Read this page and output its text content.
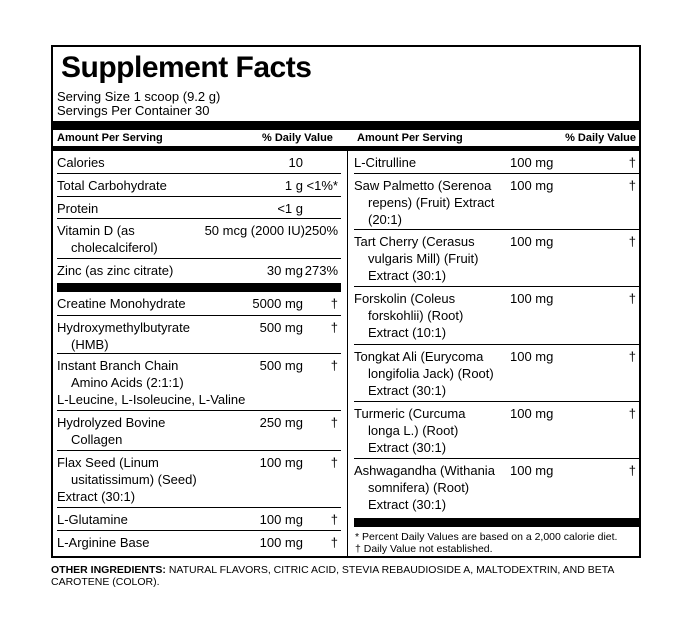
Supplement Facts
Serving Size 1 scoop (9.2 g)
Servings Per Container 30
Amount Per Serving	% Daily Value Amount Per Serving	% Daily Value
Calories	10
Total Carbohydrate	1 g <1%*
Protein	<1 g
Vitamin D (as
cholecalciferol)
50 mcg (2000 IU) 250%
Zinc (as zinc citrate)	30 mg 273%
Creatine Monohydrate	5000 mg †
Hydroxymethylbutyrate
(HMB)
500 mg †
Instant Branch Chain
Amino Acids (2:1:1)
L-Leucine, L-Isoleucine, L-Valine
500 mg †
Hydrolyzed Bovine
Collagen
250 mg †
Flax Seed (Linum
usitatissimum) (Seed)
Extract (30:1)
100 mg †
L-Glutamine	100 mg †
L-Arginine Base	100 mg †
L-Citrulline	100 mg	†
Saw Palmetto (Serenoa
repens) (Fruit) Extract
(20:1)
100 mg	†
Tart Cherry (Cerasus
vulgaris Mill) (Fruit)
Extract (30:1)
100 mg	†
Forskolin (Coleus
forskohlii) (Root)
Extract (10:1)
100 mg	†
Tongkat Ali (Eurycoma
longifolia Jack) (Root)
Extract (30:1)
100 mg	†
Turmeric (Curcuma
longa L.) (Root)
Extract (30:1)
100 mg	†
Ashwagandha (Withania
somnifera) (Root)
Extract (30:1)
100 mg	†
* Percent Daily Values are based on a 2,000 calorie diet.
† Daily Value not established.
OTHER INGREDIENTS: NATURAL FLAVORS, CITRIC ACID, STEVIA REBAUDIOSIDE A, MALTODEXTRIN, AND BETA CAROTENE (COLOR).
